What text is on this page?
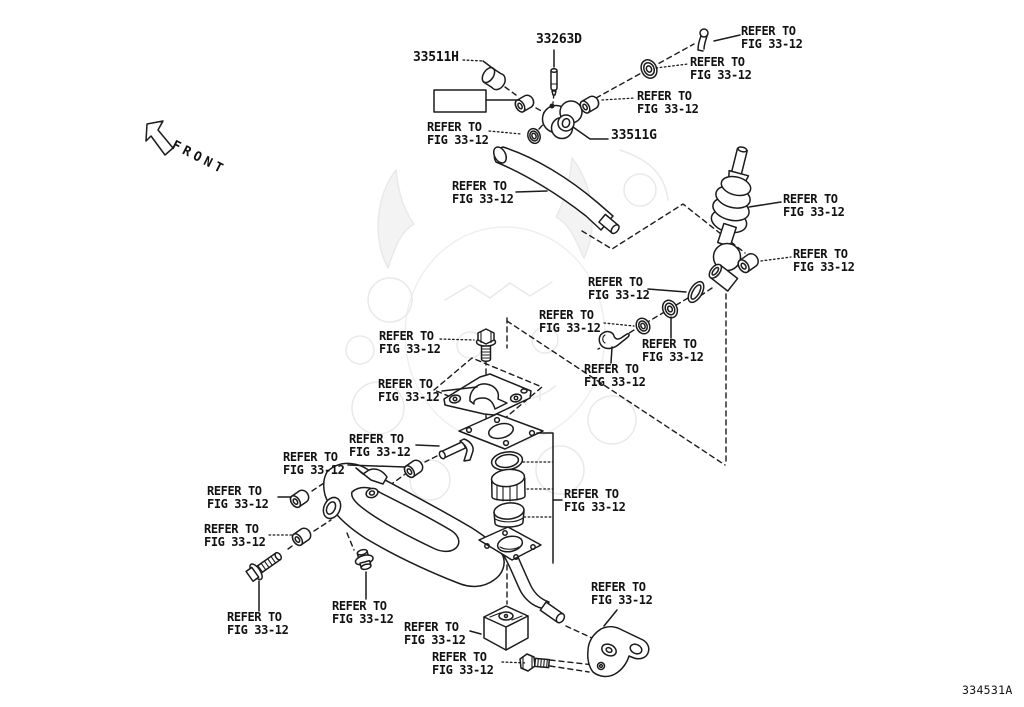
REFER TO
FIG 33-12
REFER TO
FIG 33-12
REFER TO
FIG 33-12
REFER TO
FIG 33-12
REFER TO
FIG 33-12	REFER TO
FIG 33-12
REFER TO
FIG 33-12
REFER TO
FIG 33-12
REFER TO
FIG 33-12
REFER TO
FIG 33-12
REFER TO
FIG 33-12
REFER TO
FIG 33-12
REFER TO
FIG 33-12
REFER TO
FIG 33-12
REFER TO
FIG 33-12
REFER TO
FIG 33-12
REFER TO
FIG 33-12
REFER TO
FIG 33-12
REFER TO
FIG 33-12
REFER TO
FIG 33-12
REFER TO
FIG 33-12	REFER TO
FIG 33-12
REFER TO
FIG 33-12
33511H
33263D
33511G
FRONT
334531A
